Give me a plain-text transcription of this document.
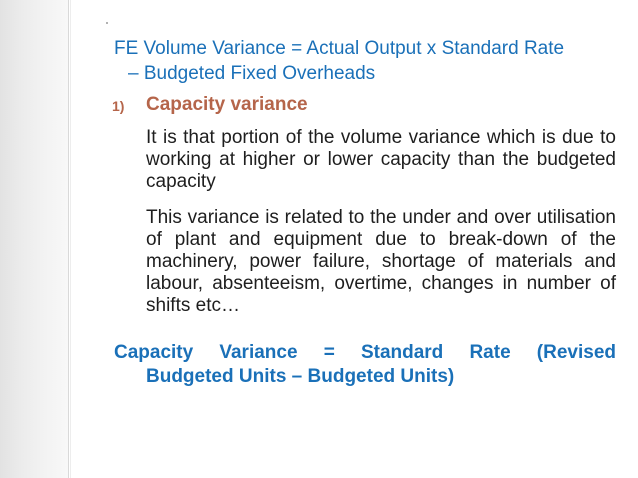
FE Volume Variance = Actual Output x Standard Rate

– Budgeted Fixed Overheads

1) Capacity variance

It is that portion of the volume variance which is due to working at higher or lower capacity than the budgeted capacity

This variance is related to the under and over utilisation of plant and equipment due to break-down of the machinery, power failure, shortage of materials and labour, absenteeism, overtime, changes in number of shifts etc…

Capacity Variance = Standard Rate (Revised

Budgeted Units – Budgeted Units)
